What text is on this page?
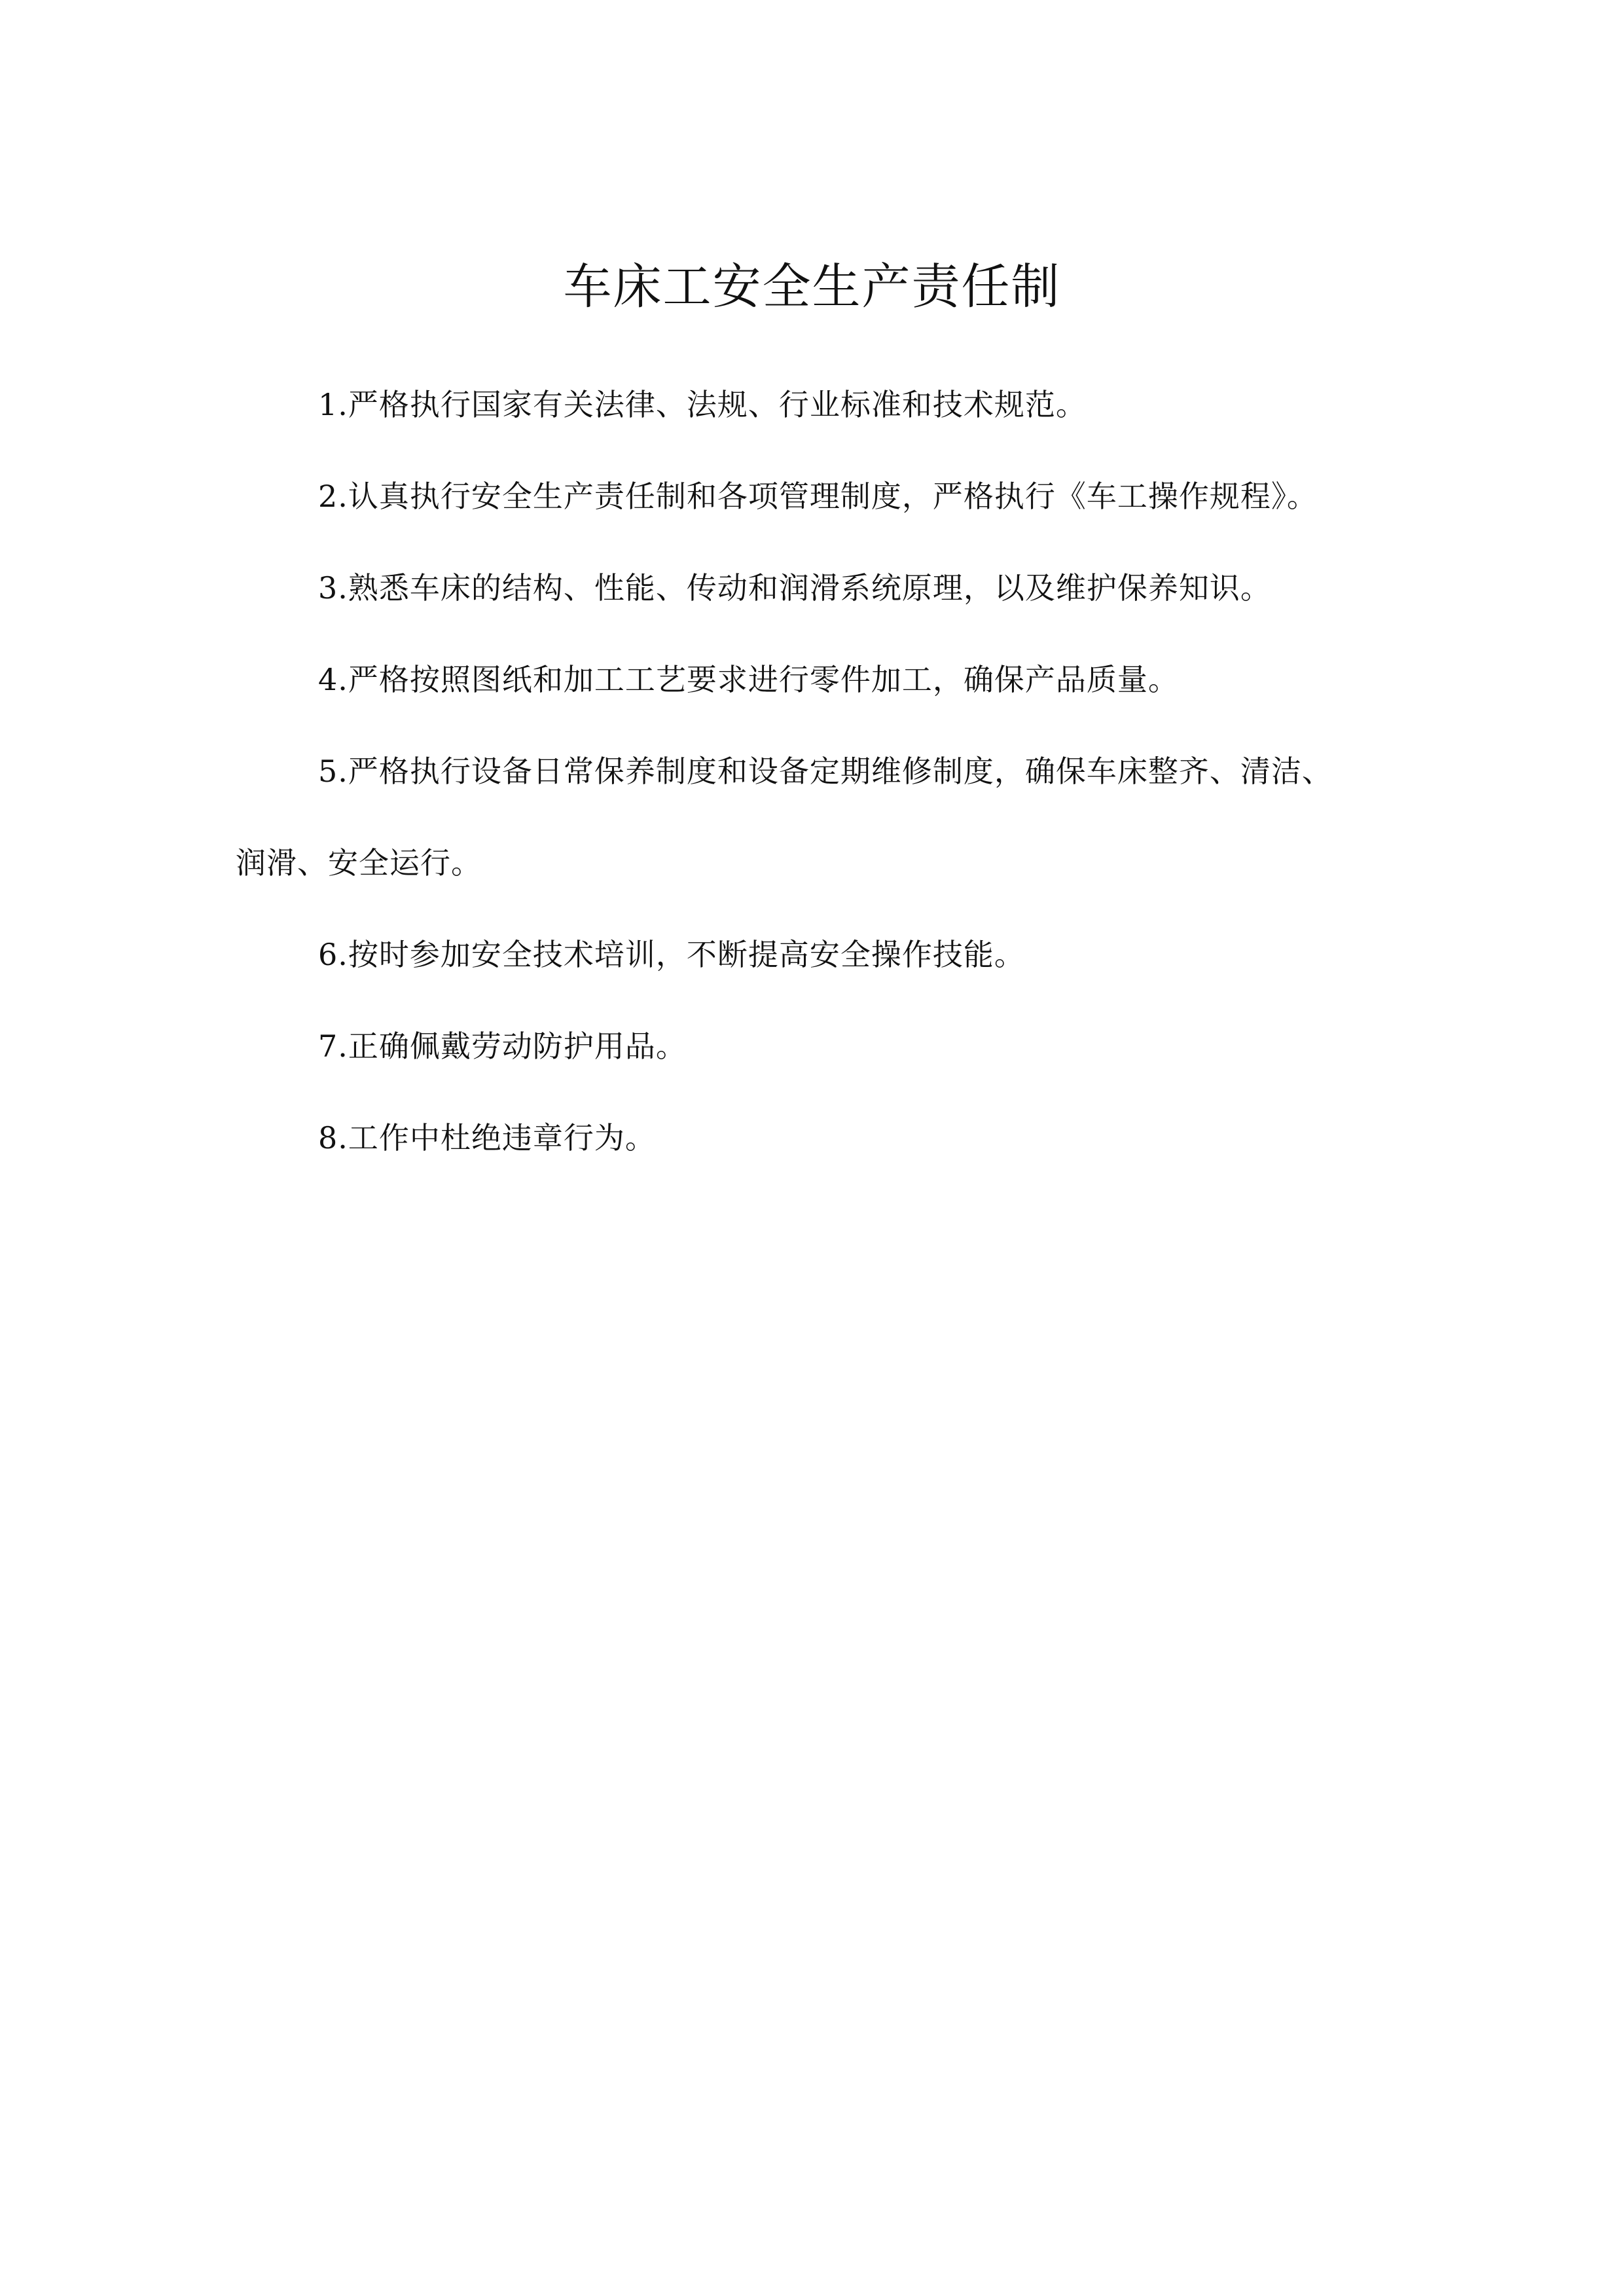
车床工安全生产责任制

1.严格执行国家有关法律、法规、行业标准和技术规范。

2.认真执行安全生产责任制和各项管理制度，严格执行《车工操作规程》。

3.熟悉车床的结构、性能、传动和润滑系统原理，以及维护保养知识。

4.严格按照图纸和加工工艺要求进行零件加工，确保产品质量。

5.严格执行设备日常保养制度和设备定期维修制度，确保车床整齐、清洁、润滑、安全运行。

6.按时参加安全技术培训，不断提高安全操作技能。

7.正确佩戴劳动防护用品。

8.工作中杜绝违章行为。
